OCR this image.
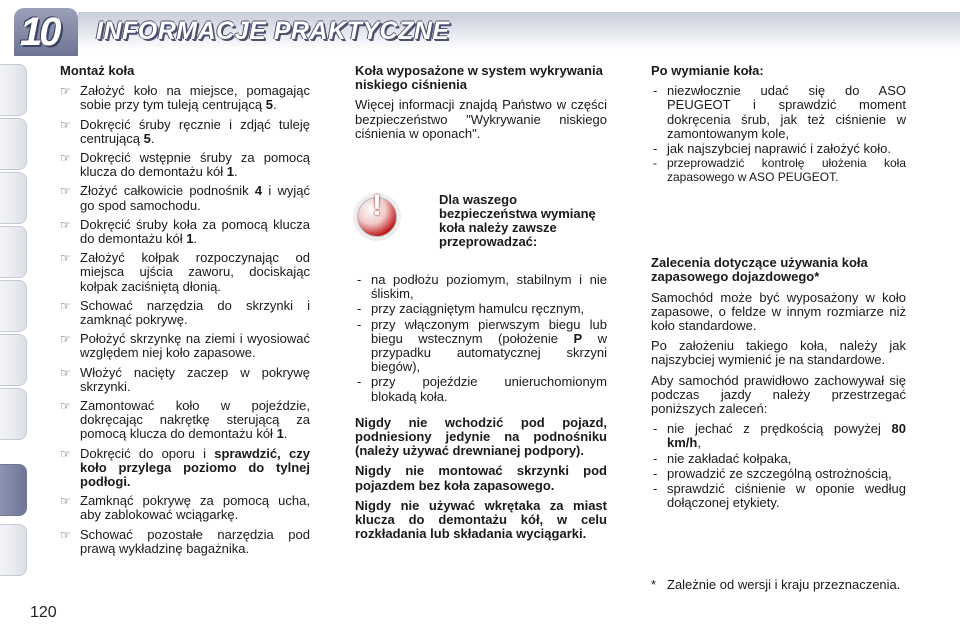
10 INFORMACJE PRAKTYCZNE
Montaż koła
☞ Założyć koło na miejsce, pomagając sobie przy tym tuleją centrującą 5.
☞ Dokręcić śruby ręcznie i zdjąć tuleję centrującą 5.
☞ Dokręcić wstępnie śruby za pomocą klucza do demontażu kół 1.
☞ Złożyć całkowicie podnośnik 4 i wyjąć go spod samochodu.
☞ Dokręcić śruby koła za pomocą klucza do demontażu kół 1.
☞ Założyć kołpak rozpoczynając od miejsca ujścia zaworu, dociskając kołpak zaciśniętą dłonią.
☞ Schować narzędzia do skrzynki i zamknąć pokrywę.
☞ Położyć skrzynkę na ziemi i wyosiować względem niej koło zapasowe.
☞ Włożyć nacięty zaczep w pokrywę skrzynki.
☞ Zamontować koło w pojeździe, dokręcając nakrętkę sterującą za pomocą klucza do demontażu kół 1.
☞ Dokręcić do oporu i sprawdzić, czy koło przylega poziomo do tylnej podłogi.
☞ Zamknąć pokrywę za pomocą ucha, aby zablokować wciągarkę.
☞ Schować pozostałe narzędzia pod prawą wykładzinę bagażnika.
Koła wyposażone w system wykrywania niskiego ciśnienia
Więcej informacji znajdą Państwo w części bezpieczeństwo "Wykrywanie niskiego ciśnienia w oponach".
!
Dla waszego bezpieczeństwa wymianę koła należy zawsze przeprowadzać:
- na podłożu poziomym, stabilnym i nie śliskim,
- przy zaciągniętym hamulcu ręcznym,
- przy włączonym pierwszym biegu lub biegu wstecznym (położenie P w przypadku automatycznej skrzyni biegów),
- przy pojeździe unieruchomionym blokadą koła.
Nigdy nie wchodzić pod pojazd, podniesiony jedynie na podnośniku (należy używać drewnianej podpory).
Nigdy nie montować skrzynki pod pojazdem bez koła zapasowego.
Nigdy nie używać wkrętaka za miast klucza do demontażu kół, w celu rozkładania lub składania wyciągarki.
Po wymianie koła:
- niezwłocznie udać się do ASO PEUGEOT i sprawdzić moment dokręcenia śrub, jak też ciśnienie w zamontowanym kole,
- jak najszybciej naprawić i założyć koło.
- przeprowadzić kontrolę ułożenia koła zapasowego w ASO PEUGEOT.
Zalecenia dotyczące używania koła zapasowego dojazdowego*
Samochód może być wyposażony w koło zapasowe, o feldze w innym rozmiarze niż koło standardowe.
Po założeniu takiego koła, należy jak najszybciej wymienić je na standardowe.
Aby samochód prawidłowo zachowywał się podczas jazdy należy przestrzegać poniższych zaleceń:
- nie jechać z prędkością powyżej 80 km/h,
- nie zakładać kołpaka,
- prowadzić ze szczególną ostrożnością,
- sprawdzić ciśnienie w oponie według dołączonej etykiety.
* Zależnie od wersji i kraju przeznaczenia.
120
